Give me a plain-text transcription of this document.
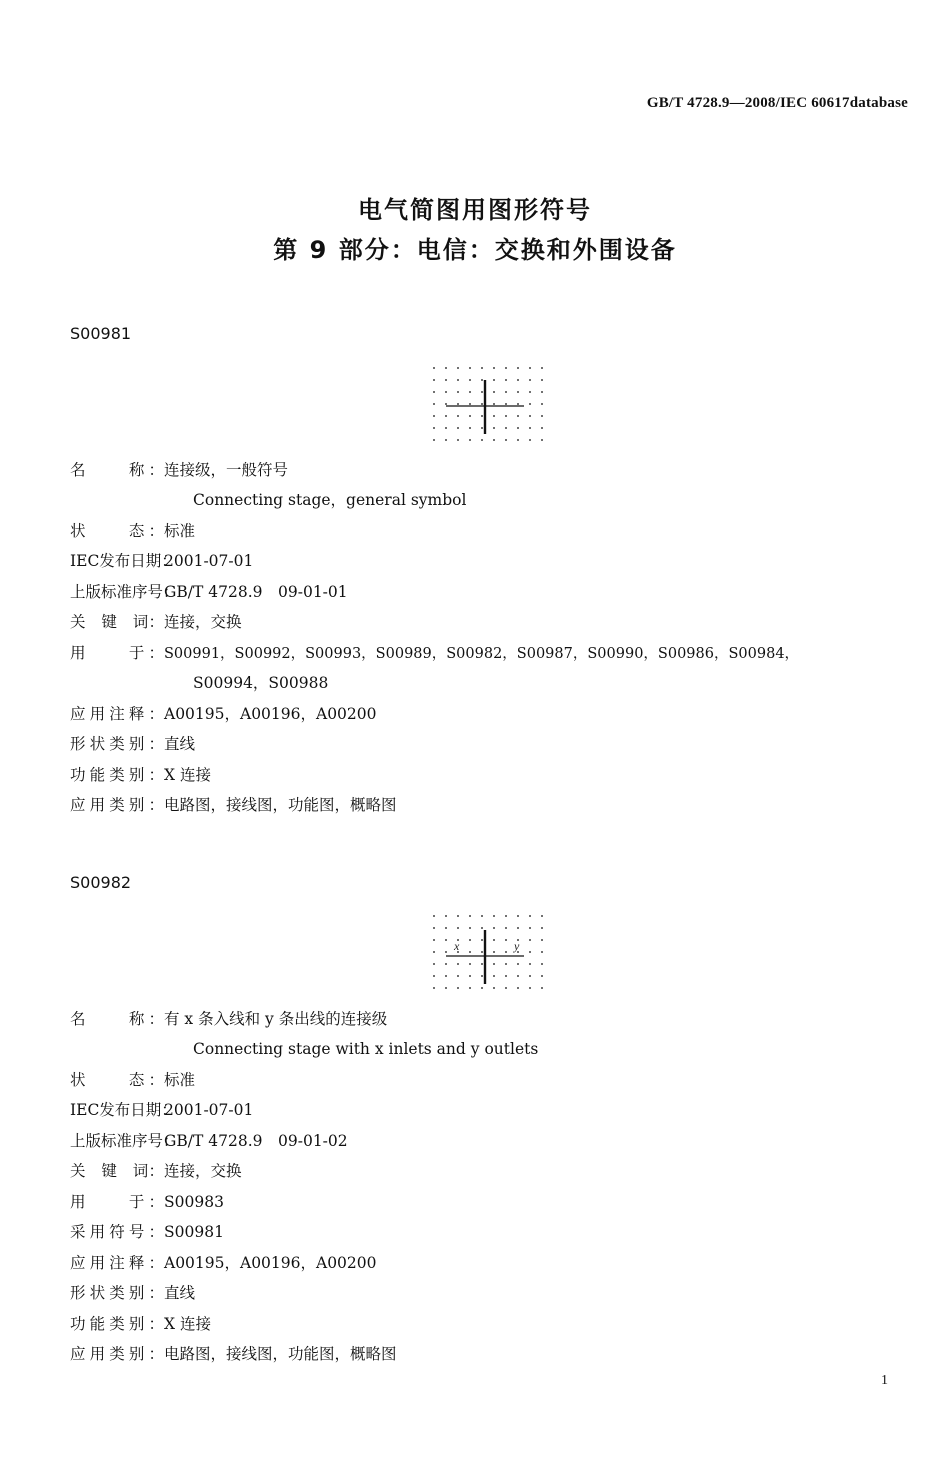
GB/T 4728.9—2008/IEC 60617database
电气简图用图形符号
第 9 部分：电信：交换和外围设备
S00981
名　　称：连接级，一般符号
Connecting stage，general symbol
状　　态：标准
IEC发布日期：2001-07-01
上版标准序号：GB/T 4728.9　09-01-01
关　键　词：连接，交换
用　　于：S00991，S00992，S00993，S00989，S00982，S00987，S00990，S00986，S00984，
S00994，S00988
应用注释：A00195，A00196，A00200
形状类别：直线
功能类别：X 连接
应用类别：电路图，接线图，功能图，概略图
S00982
x	y
名　　称：有 x 条入线和 y 条出线的连接级
Connecting stage with x inlets and y outlets
状　　态：标准
IEC发布日期：2001-07-01
上版标准序号：GB/T 4728.9　09-01-02
关　键　词：连接，交换
用　　于：S00983
采用符号：S00981
应用注释：A00195，A00196，A00200
形状类别：直线
功能类别：X 连接
应用类别：电路图，接线图，功能图，概略图
1
